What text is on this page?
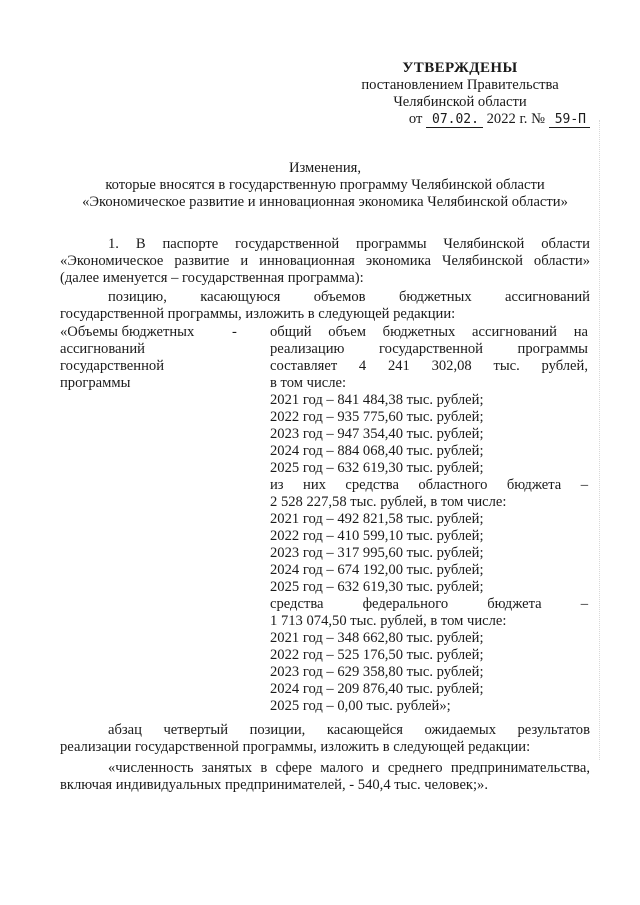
УТВЕРЖДЕНЫ
постановлением Правительства
Челябинской области
от 07.02. 2022 г. № 59-П
Изменения,
которые вносятся в государственную программу Челябинской области
«Экономическое развитие и инновационная экономика Челябинской области»
1. В паспорте государственной программы Челябинской области
«Экономическое развитие и инновационная экономика Челябинской области»
(далее именуется – государственная программа):
позицию, касающуюся объемов бюджетных ассигнований
государственной программы, изложить в следующей редакции:
«Объемы бюджетных
ассигнований
государственной
программы
- общий объем бюджетных ассигнований на
реализацию государственной программы
составляет 4 241 302,08 тыс. рублей,
в том числе:
2021 год – 841 484,38 тыс. рублей;
2022 год – 935 775,60 тыс. рублей;
2023 год – 947 354,40 тыс. рублей;
2024 год – 884 068,40 тыс. рублей;
2025 год – 632 619,30 тыс. рублей;
из них средства областного бюджета –
2 528 227,58 тыс. рублей, в том числе:
2021 год – 492 821,58 тыс. рублей;
2022 год – 410 599,10 тыс. рублей;
2023 год – 317 995,60 тыс. рублей;
2024 год – 674 192,00 тыс. рублей;
2025 год – 632 619,30 тыс. рублей;
средства федерального бюджета –
1 713 074,50 тыс. рублей, в том числе:
2021 год – 348 662,80 тыс. рублей;
2022 год – 525 176,50 тыс. рублей;
2023 год – 629 358,80 тыс. рублей;
2024 год – 209 876,40 тыс. рублей;
2025 год – 0,00 тыс. рублей»;
абзац четвертый позиции, касающейся ожидаемых результатов
реализации государственной программы, изложить в следующей редакции:
«численность занятых в сфере малого и среднего предпринимательства,
включая индивидуальных предпринимателей, - 540,4 тыс. человек;».
